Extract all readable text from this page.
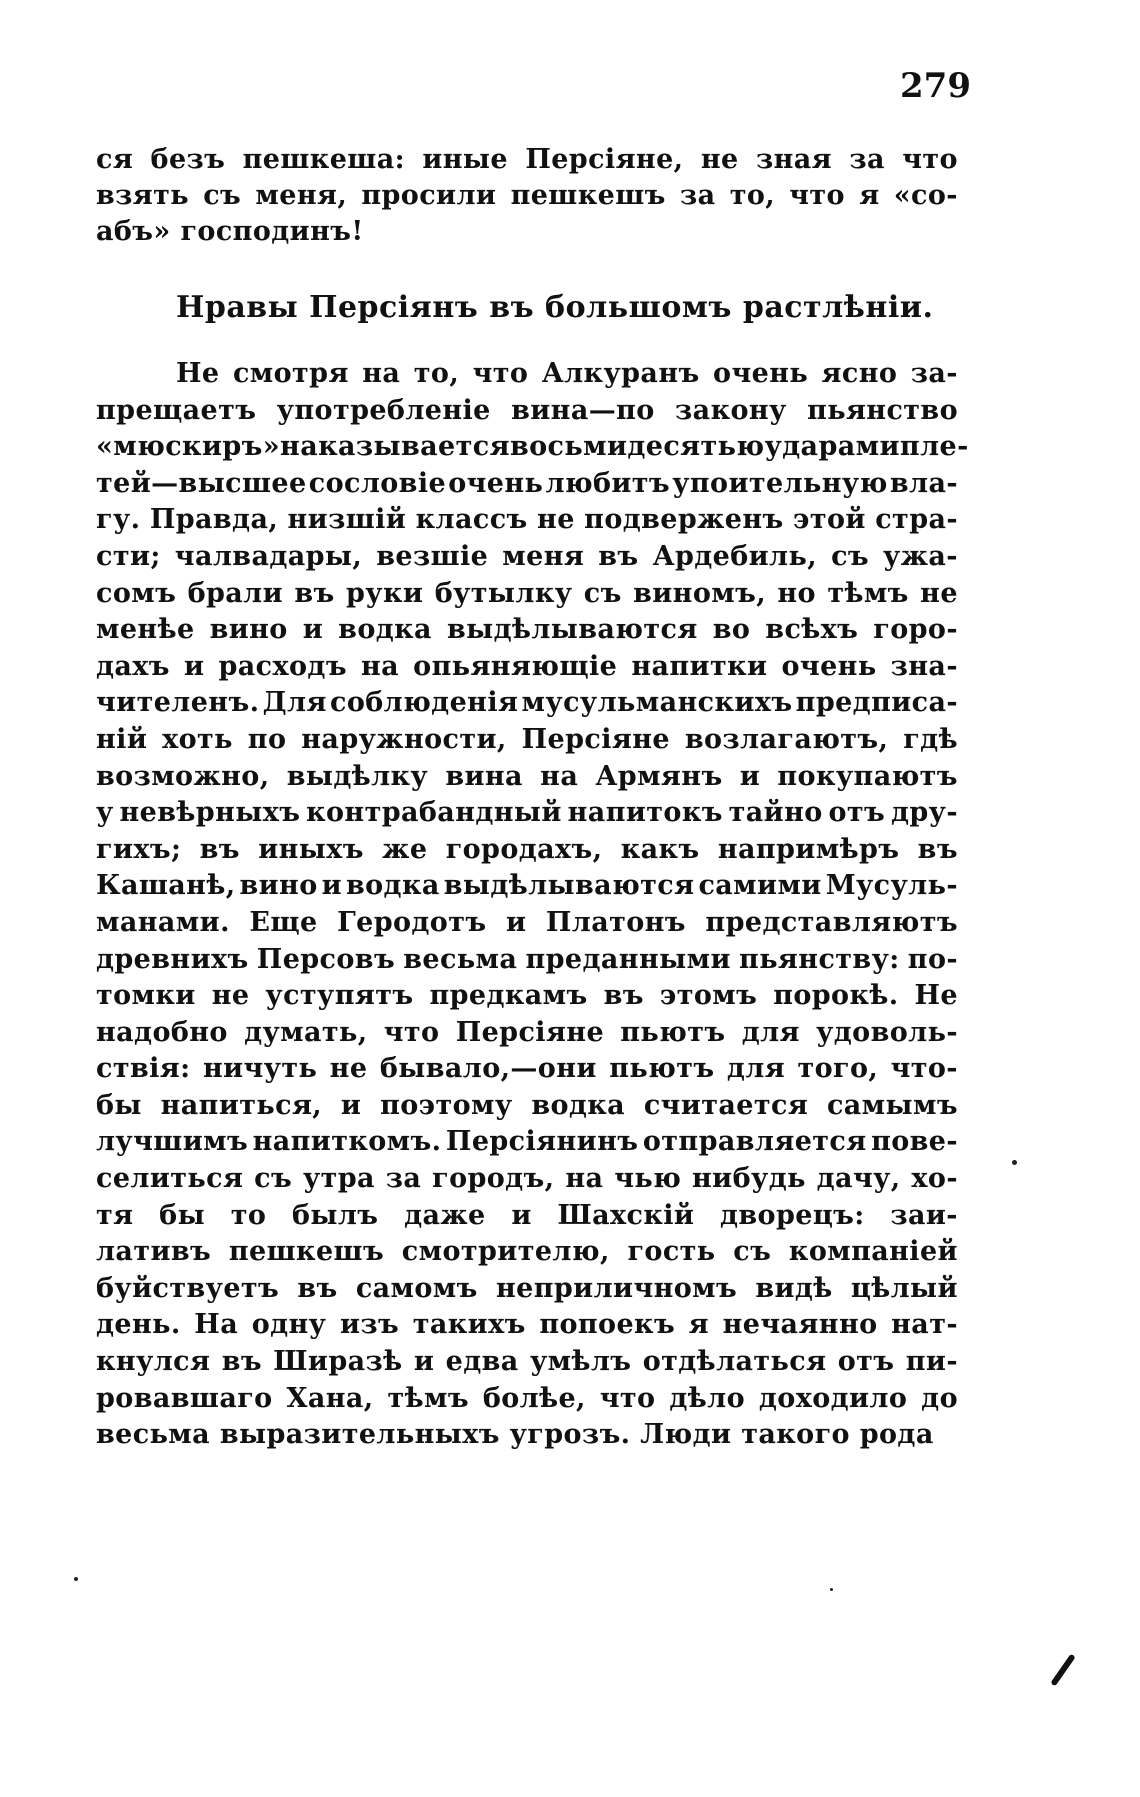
279
ся безъ пешкеша: иные Персіяне, не зная за что
взять съ меня, просили пешкешъ за то, что я «со-
абъ» господинъ!
Нравы Персіянъ въ большомъ растлѣніи.
Не смотря на то, что Алкуранъ очень ясно за-
прещаетъ употребленіе вина—по закону пьянство
«мюскиръ» наказывается восьмидесятью ударами пле-
тей—высшее сословіе очень любитъ упоительную вла-
гу. Правда, низшій классъ не подверженъ этой стра-
сти; чалвадары, везшіе меня въ Ардебиль, съ ужа-
сомъ брали въ руки бутылку съ виномъ, но тѣмъ не
менѣе вино и водка выдѣлываются во всѣхъ горо-
дахъ и расходъ на опьяняющіе напитки очень зна-
чителенъ. Для соблюденія мусульманскихъ предписа-
ній хоть по наружности, Персіяне возлагаютъ, гдѣ
возможно, выдѣлку вина на Армянъ и покупаютъ
у невѣрныхъ контрабандный напитокъ тайно отъ дру-
гихъ; въ иныхъ же городахъ, какъ напримѣръ въ
Кашанѣ, вино и водка выдѣлываются самими Мусуль-
манами. Еще Геродотъ и Платонъ представляютъ
древнихъ Персовъ весьма преданными пьянству: по-
томки не уступятъ предкамъ въ этомъ порокѣ. Не
надобно думать, что Персіяне пьютъ для удоволь-
ствія: ничуть не бывало,—они пьютъ для того, что-
бы напиться, и поэтому водка считается самымъ
лучшимъ напиткомъ. Персіянинъ отправляется пове-
селиться съ утра за городъ, на чью нибудь дачу, хо-
тя бы то былъ даже и Шахскій дворецъ: заи-
лативъ пешкешъ смотрителю, гость съ компаніей
буйствуетъ въ самомъ неприличномъ видѣ цѣлый
день. На одну изъ такихъ попоекъ я нечаянно нат-
кнулся въ Ширазѣ и едва умѣлъ отдѣлаться отъ пи-
ровавшаго Хана, тѣмъ болѣе, что дѣло доходило до
весьма выразительныхъ угрозъ. Люди такого рода
